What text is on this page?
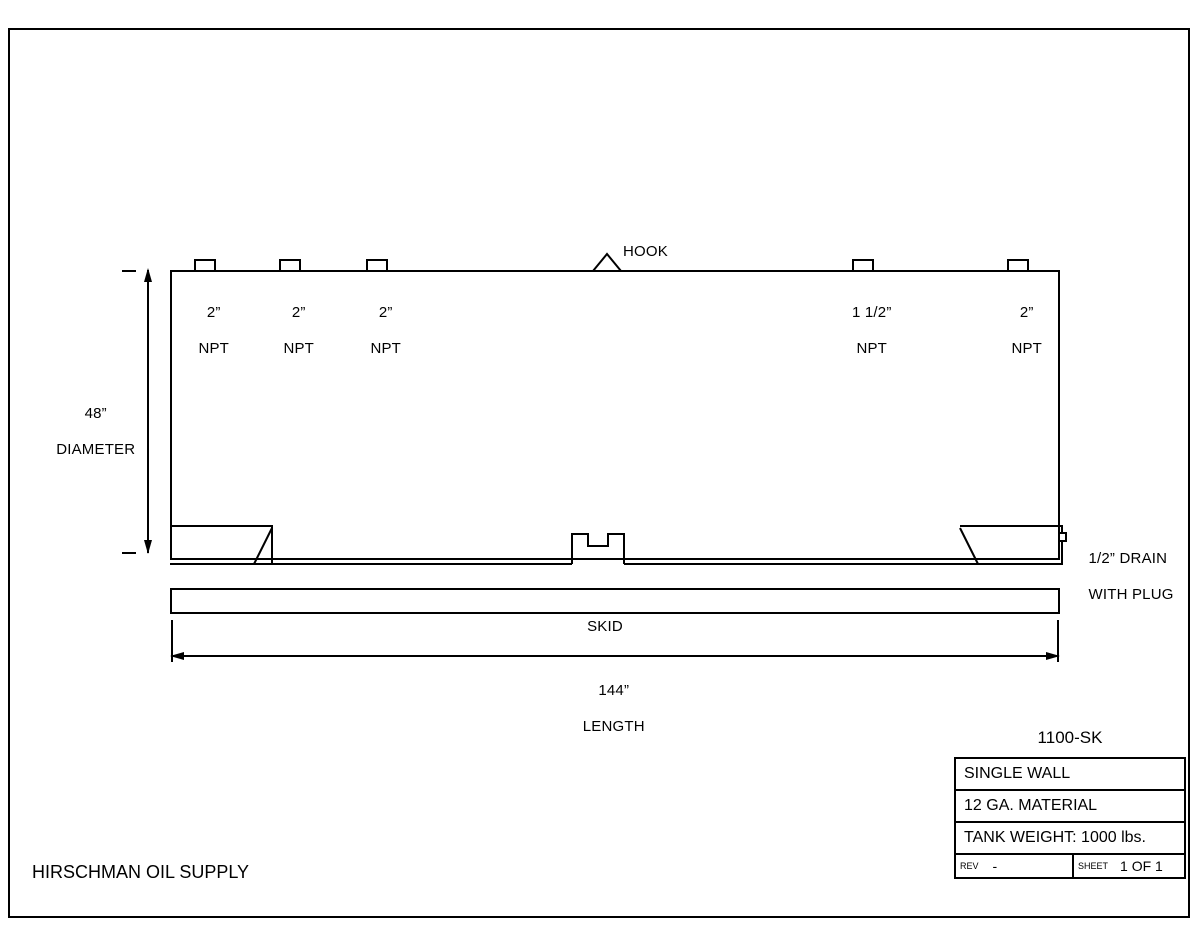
2”

NPT

2”

NPT

2”

NPT

1 1/2”

NPT

2”

NPT

HOOK

1/2” DRAIN

WITH PLUG

48”

DIAMETER

SKID

144”

LENGTH

1100-SK
SINGLE WALL
12 GA. MATERIAL
TANK WEIGHT: 1000 lbs.
REV -	SHEET 1 OF 1
HIRSCHMAN OIL SUPPLY
